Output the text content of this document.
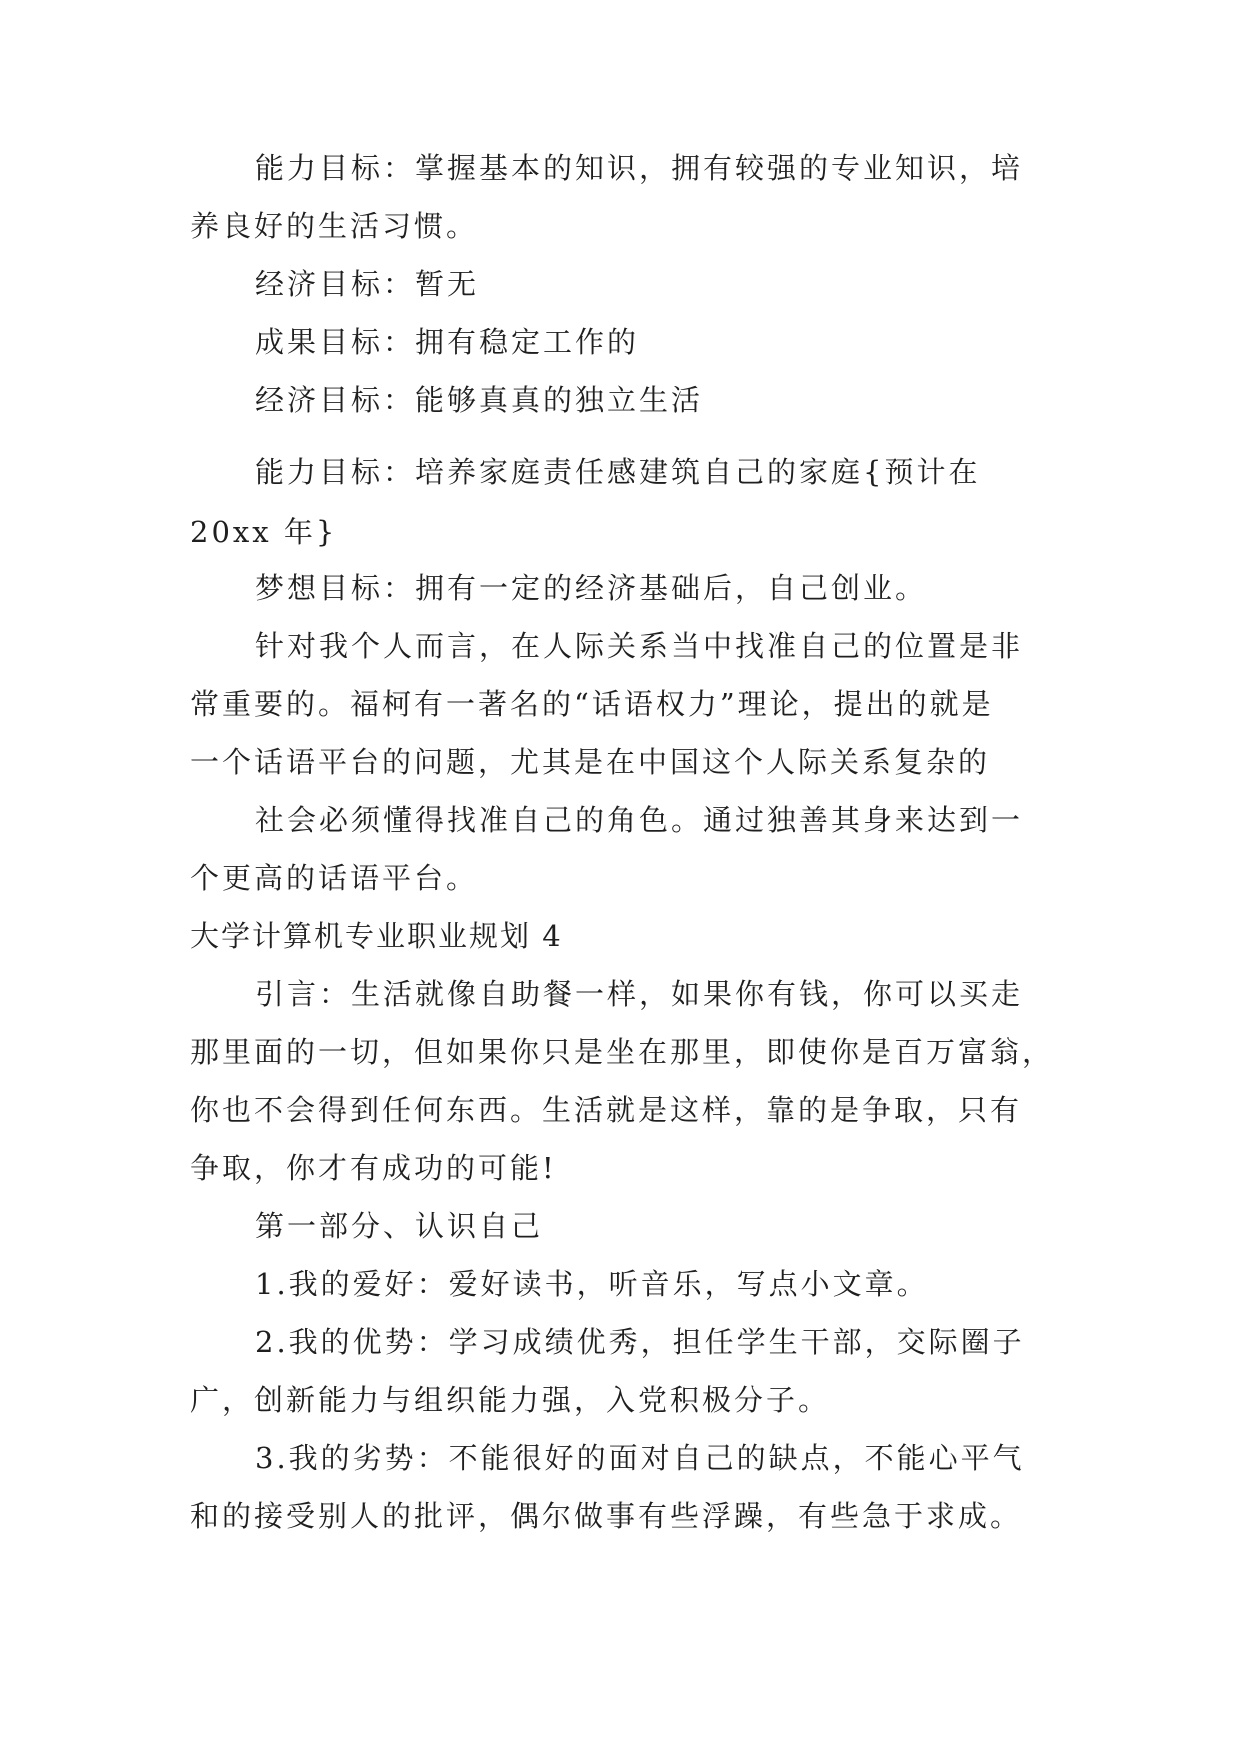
能力目标：掌握基本的知识，拥有较强的专业知识，培
养良好的生活习惯。
经济目标：暂无
成果目标：拥有稳定工作的
经济目标：能够真真的独立生活
能力目标：培养家庭责任感建筑自己的家庭{预计在
20xx 年}
梦想目标：拥有一定的经济基础后，自己创业。
针对我个人而言，在人际关系当中找准自己的位置是非
常重要的。福柯有一著名的“话语权力”理论，提出的就是
一个话语平台的问题，尤其是在中国这个人际关系复杂的
社会必须懂得找准自己的角色。通过独善其身来达到一
个更高的话语平台。
大学计算机专业职业规划 4
引言：生活就像自助餐一样，如果你有钱，你可以买走
那里面的一切，但如果你只是坐在那里，即使你是百万富翁，
你也不会得到任何东西。生活就是这样，靠的是争取，只有
争取，你才有成功的可能!
第一部分、认识自己
1.我的爱好：爱好读书，听音乐，写点小文章。
2.我的优势：学习成绩优秀，担任学生干部，交际圈子
广，创新能力与组织能力强，入党积极分子。
3.我的劣势：不能很好的面对自己的缺点，不能心平气
和的接受别人的批评，偶尔做事有些浮躁，有些急于求成。
